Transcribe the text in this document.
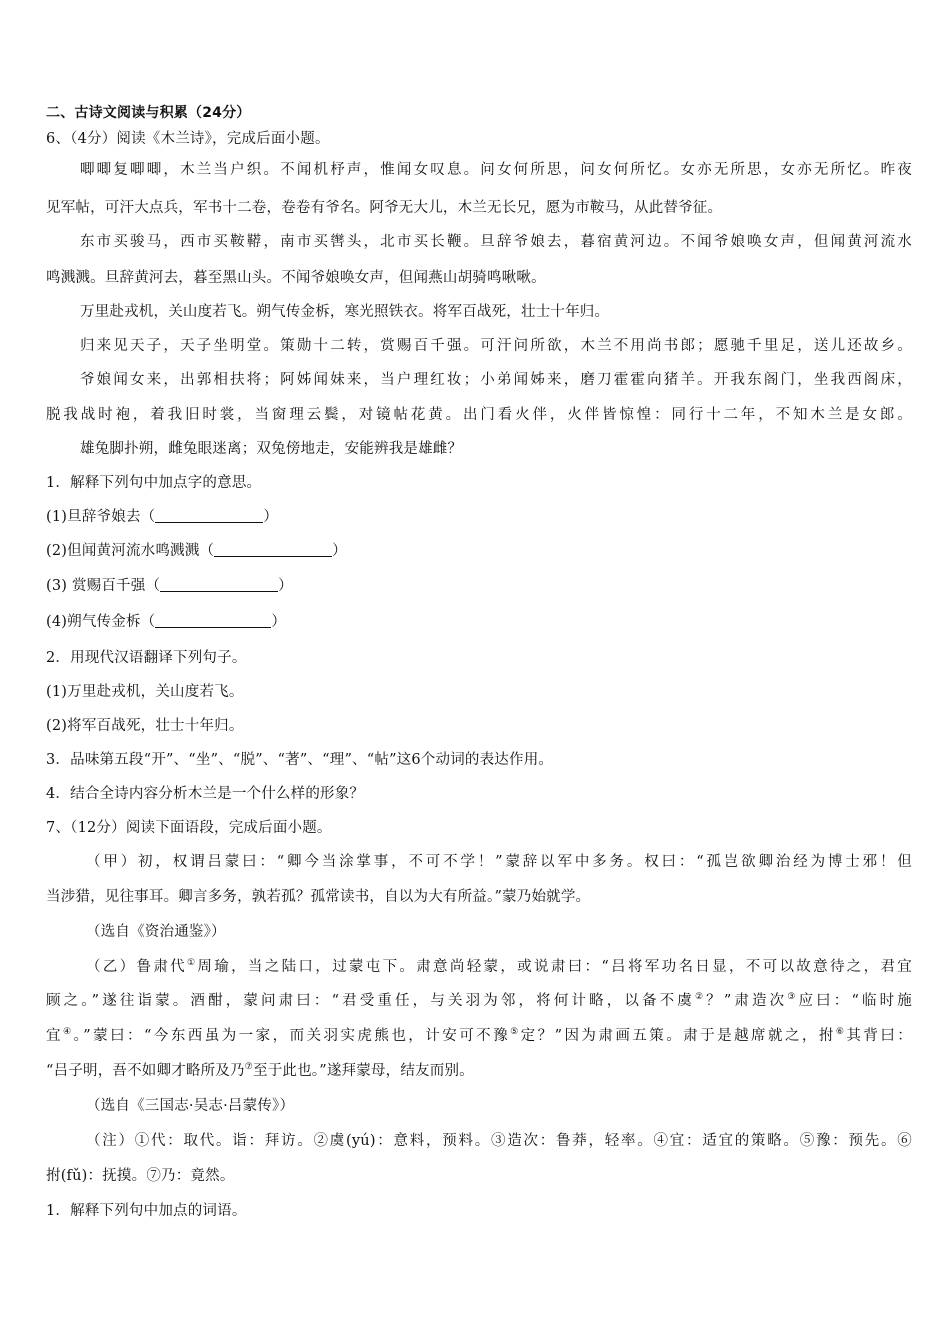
二、古诗文阅读与积累（24分）
6、（4分）阅读《木兰诗》，完成后面小题。
唧唧复唧唧，木兰当户织。不闻机杼声，惟闻女叹息。问女何所思，问女何所忆。女亦无所思，女亦无所忆。昨夜
见军帖，可汗大点兵，军书十二卷，卷卷有爷名。阿爷无大儿，木兰无长兄，愿为市鞍马，从此替爷征。
东市买骏马，西市买鞍鞯，南市买辔头，北市买长鞭。旦辞爷娘去，暮宿黄河边。不闻爷娘唤女声，但闻黄河流水
鸣溅溅。旦辞黄河去，暮至黑山头。不闻爷娘唤女声，但闻燕山胡骑鸣啾啾。
万里赴戎机，关山度若飞。朔气传金柝，寒光照铁衣。将军百战死，壮士十年归。
归来见天子，天子坐明堂。策勋十二转，赏赐百千强。可汗问所欲，木兰不用尚书郎；愿驰千里足，送儿还故乡。
爷娘闻女来，出郭相扶将；阿姊闻妹来，当户理红妆；小弟闻姊来，磨刀霍霍向猪羊。开我东阁门，坐我西阁床，
脱我战时袍，着我旧时裳，当窗理云鬓，对镜帖花黄。出门看火伴，火伴皆惊惶：同行十二年，不知木兰是女郎。
雄兔脚扑朔，雌兔眼迷离；双兔傍地走，安能辨我是雄雌？
1．解释下列句中加点字的意思。
(1)旦辞爷娘去（	）
(2)但闻黄河流水鸣溅溅（	）
(3) 赏赐百千强（	）
(4)朔气传金柝（	）
2．用现代汉语翻译下列句子。
(1)万里赴戎机，关山度若飞。
(2)将军百战死，壮士十年归。
3．品味第五段“开”、“坐”、“脱”、“著”、“理”、“帖”这6个动词的表达作用。
4．结合全诗内容分析木兰是一个什么样的形象？
7、（12分）阅读下面语段，完成后面小题。
（甲）初，权谓吕蒙曰：“卿今当涂掌事，不可不学！”蒙辞以军中多务。权曰：“孤岂欲卿治经为博士邪！但
当涉猎，见往事耳。卿言多务，孰若孤？孤常读书，自以为大有所益。”蒙乃始就学。
（选自《资治通鉴》）
（乙）鲁肃代①周瑜，当之陆口，过蒙屯下。肃意尚轻蒙，或说肃曰：“吕将军功名日显，不可以故意待之，君宜
顾之。”遂往诣蒙。酒酣，蒙问肃曰：“君受重任，与关羽为邻，将何计略，以备不虞②？”肃造次③应曰：“临时施
宜④。”蒙曰：“今东西虽为一家，而关羽实虎熊也，计安可不豫⑤定？”因为肃画五策。肃于是越席就之，拊⑥其背曰：
“吕子明，吾不如卿才略所及乃⑦至于此也。”遂拜蒙母，结友而别。
（选自《三国志·吴志·吕蒙传》）
（注）①代：取代。诣：拜访。②虞(yú)：意料，预料。③造次：鲁莽，轻率。④宜：适宜的策略。⑤豫：预先。⑥
拊(fǔ)：抚摸。⑦乃：竟然。
1．解释下列句中加点的词语。
